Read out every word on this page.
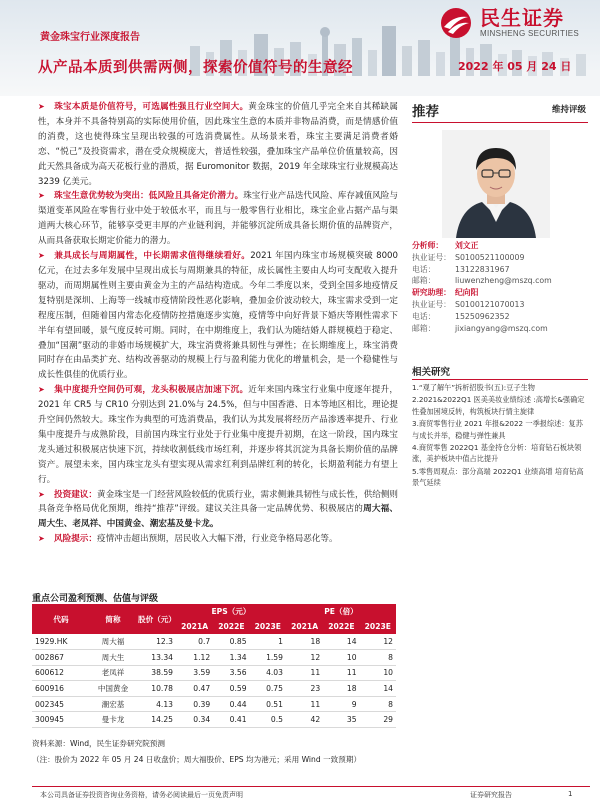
民生证券
MINSHENG SECURITIES
黄金珠宝行业深度报告
从产品本质到供需两侧，探索价值符号的生意经	2022 年 05 月 24 日

➤ 珠宝本质是价值符号，可选属性强且行业空间大。黄金珠宝的价值几乎完全来自其稀缺属性，本身并不具备特别高的实际使用价值，因此珠宝生意的本质并非物品消费，而是情感价值的消费，这也使得珠宝呈现出较强的可选消费属性。从场景来看，珠宝主要满足消费者婚恋、“悦己”及投资需求，潜在受众规模庞大，普适性较强，叠加珠宝产品单位价值量较高，因此天然具备成为高天花板行业的潜质，据 Euromonitor 数据，2019 年全球珠宝行业规模高达 3239 亿美元。

➤ 珠宝生意优势较为突出：低风险且具备定价潜力。珠宝行业产品迭代风险、库存减值风险与渠道变革风险在零售行业中处于较低水平，而且与一般零售行业相比，珠宝企业占据产品与渠道两大核心环节，能够享受更丰厚的产业链利润，并能够沉淀所成具备长期价值的品牌资产，从而具备获取长期定价能力的潜力。

➤ 兼具成长与周期属性，中长期需求值得继续看好。2021 年国内珠宝市场规模突破 8000 亿元，在过去多年发展中呈现出成长与周期兼具的特征，成长属性主要由人均可支配收入提升驱动，而周期属性则主要由黄金为主的产品结构造成。今年二季度以来，受到全国多地疫情反复特别是深圳、上海等一线城市疫情阶段性恶化影响，叠加金价波动较大，珠宝需求受到一定程度压制，但随着国内常态化疫情防控措施逐步实施，疫情等中向好背景下婚庆等刚性需求下半年有望回暖，景气度反转可期。同时，在中期维度上，我们认为随结婚人群规模趋于稳定、叠加“国潮”驱动的非婚市场规模扩大，珠宝消费将兼具韧性与弹性；在长期维度上，珠宝消费同时存在由品类扩充、结构改善驱动的规模上行与盈利能力优化的增量机会，是一个稳健性与成长性俱佳的优质行业。

➤ 集中度提升空间仍可观，龙头积极展店加速下沉。近年来国内珠宝行业集中度逐年提升，2021 年 CR5 与 CR10 分别达到 21.0%与 24.5%，但与中国香港、日本等地区相比，理论提升空间仍然较大。珠宝作为典型的可选消费品，我们认为其发展将经历产品渗透率提升、行业集中度提升与成熟阶段，目前国内珠宝行业处于行业集中度提升初期，在这一阶段，国内珠宝龙头通过积极展店快速下沉，持续收割低线市场红利，并逐步将其沉淀为具备长期价值的品牌资产。展望未来，国内珠宝龙头有望实现从需求红利到品牌红利的转化，长期盈利能力有望上行。

➤ 投资建议：黄金珠宝是一门经营风险较低的优质行业，需求侧兼具韧性与成长性，供给侧则具备竞争格局优化预期，维持“推荐”评级。建议关注具备一定品牌优势、积极展店的周大福、周大生、老凤祥、中国黄金、潮宏基及曼卡龙。

➤ 风险提示：疫情冲击超出预期，居民收入大幅下滑，行业竞争格局恶化等。

重点公司盈利预测、估值与评级
代码	简称	股价（元）	EPS（元）			PE（倍）		
			2021A	2022E	2023E	2021A	2022E	2023E
1929.HK	周大福	12.3	0.7	0.85	1	18	14	12
002867	周大生	13.34	1.12	1.34	1.59	12	10	8
600612	老凤祥	38.59	3.59	3.56	4.03	11	11	10
600916	中国黄金	10.78	0.47	0.59	0.75	23	18	14
002345	潮宏基	4.13	0.39	0.44	0.51	11	9	8
300945	曼卡龙	14.25	0.34	0.41	0.5	42	35	29
资料来源：Wind，民生证券研究院预测
（注：股价为 2022 年 05 月 24 日收盘价；周大福股价、EPS 均为港元；采用 Wind 一致预期）
推荐	维持评级
分析师：	刘文正
执业证号： S0100521100009
电话：	13122831967
邮箱：	liuwenzheng@mszq.com
研究助理： 纪向阳
执业证号： S0100121070013
电话：	15250962352
邮箱：	jixiangyang@mszq.com
相关研究
1.“观了解午”拆析招股书(五):豆子生物
2.2021&2022Q1 医美美妆业绩综述 :高增长&强确定性叠加困境反转，构筑板块行情主旋律
3.商贸零售行业 2021 年报&2022 一季报综述：复苏与成长并举，稳健与弹性兼具
4.商贸零售 2022Q1 基金持仓分析：培育钻石板块领涨，美护板块中值占比提升
5.零售周观点：部分高端 2022Q1 业绩高增 培育钻高景气延续
本公司具备证券投资咨询业务资格，请务必阅读最后一页免责声明	证券研究报告	1
